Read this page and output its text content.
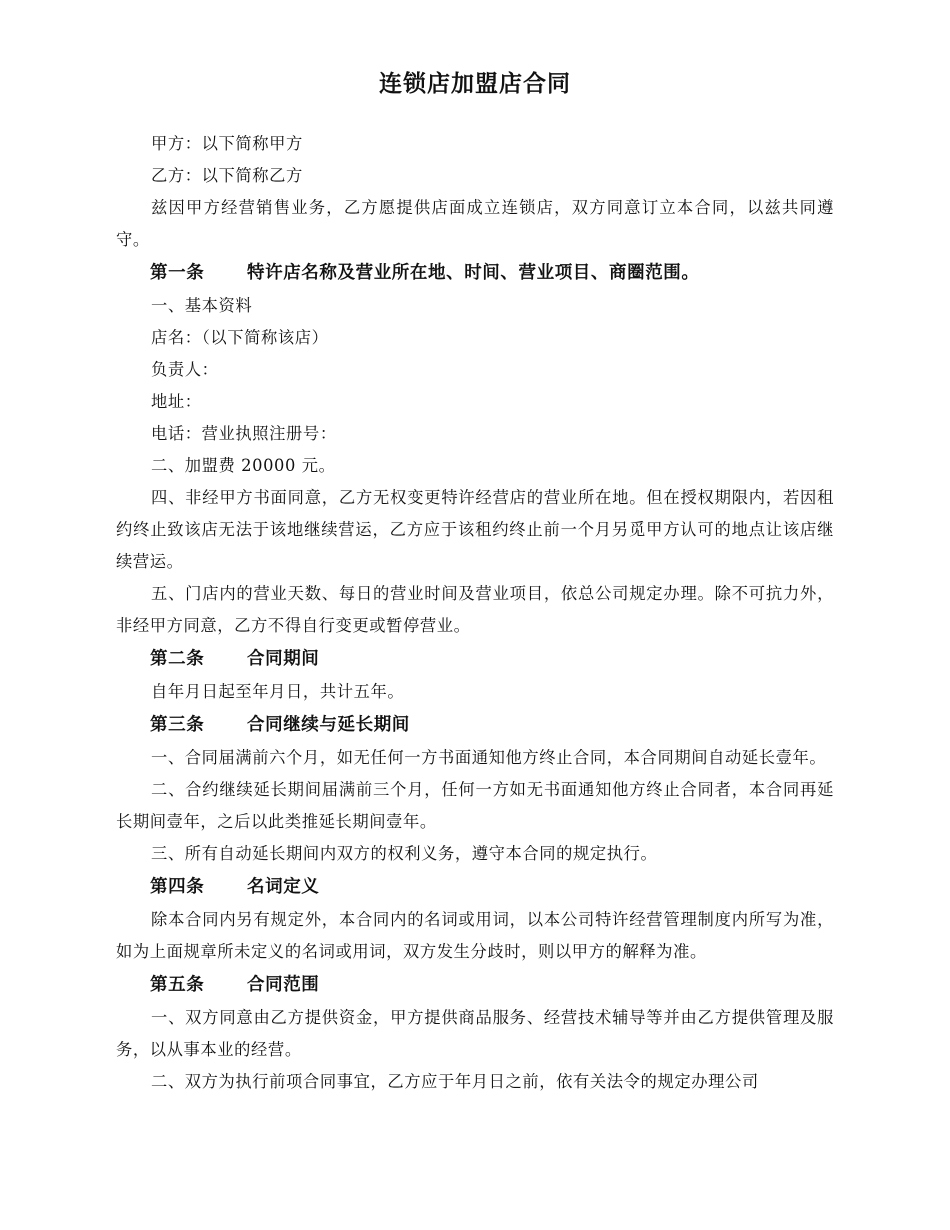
连锁店加盟店合同

甲方：以下简称甲方

乙方：以下简称乙方

兹因甲方经营销售业务，乙方愿提供店面成立连锁店，双方同意订立本合同，以兹共同遵守。

第一条 特许店名称及营业所在地、时间、营业项目、商圈范围。

一、基本资料

店名：（以下简称该店）

负责人：

地址：

电话：营业执照注册号：

二、加盟费 20000 元。

四、非经甲方书面同意，乙方无权变更特许经营店的营业所在地。但在授权期限内，若因租约终止致该店无法于该地继续营运，乙方应于该租约终止前一个月另觅甲方认可的地点让该店继续营运。

五、门店内的营业天数、每日的营业时间及营业项目，依总公司规定办理。除不可抗力外，非经甲方同意，乙方不得自行变更或暂停营业。

第二条 合同期间

自年月日起至年月日，共计五年。

第三条 合同继续与延长期间

一、合同届满前六个月，如无任何一方书面通知他方终止合同，本合同期间自动延长壹年。

二、合约继续延长期间届满前三个月，任何一方如无书面通知他方终止合同者，本合同再延长期间壹年，之后以此类推延长期间壹年。

三、所有自动延长期间内双方的权利义务，遵守本合同的规定执行。

第四条 名词定义

除本合同内另有规定外，本合同内的名词或用词，以本公司特许经营管理制度内所写为准，如为上面规章所未定义的名词或用词，双方发生分歧时，则以甲方的解释为准。

第五条 合同范围

一、双方同意由乙方提供资金，甲方提供商品服务、经营技术辅导等并由乙方提供管理及服务，以从事本业的经营。

二、双方为执行前项合同事宜，乙方应于年月日之前，依有关法令的规定办理公司
